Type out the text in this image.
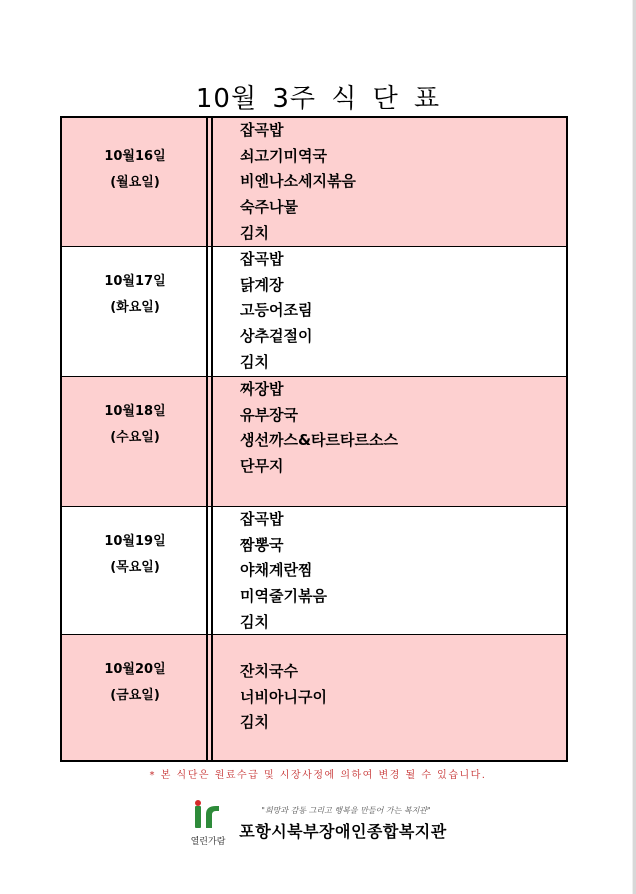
10월 3주 식 단 표
10월16일
(월요일)
잡곡밥
쇠고기미역국
비엔나소세지볶음
숙주나물
김치
10월17일
(화요일)
잡곡밥
닭계장
고등어조림
상추겉절이
김치
10월18일
(수요일)
짜장밥
유부장국
생선까스&타르타르소스
단무지
10월19일
(목요일)
잡곡밥
짬뽕국
야채계란찜
미역줄기볶음
김치
10월20일
(금요일)
잔치국수
너비아니구이
김치
* 본 식단은 원료수급 및 시장사정에 의하여 변경 될 수 있습니다.
열린가람
"희망과 감동 그리고 행복을 만들어 가는 복지관"
포항시북부장애인종합복지관
